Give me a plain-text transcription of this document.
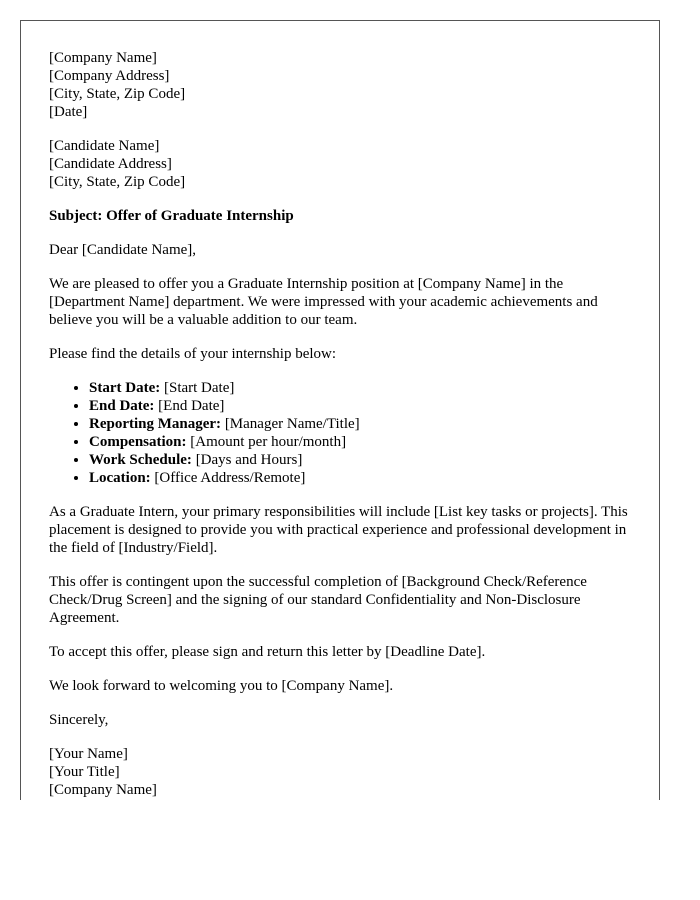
[Company Name]
[Company Address]
[City, State, Zip Code]
[Date]
[Candidate Name]
[Candidate Address]
[City, State, Zip Code]

Subject: Offer of Graduate Internship

Dear [Candidate Name],

We are pleased to offer you a Graduate Internship position at [Company Name] in the [Department Name] department. We were impressed with your academic achievements and believe you will be a valuable addition to our team.

Please find the details of your internship below:

• Start Date: [Start Date]
• End Date: [End Date]
• Reporting Manager: [Manager Name/Title]
• Compensation: [Amount per hour/month]
• Work Schedule: [Days and Hours]
• Location: [Office Address/Remote]

As a Graduate Intern, your primary responsibilities will include [List key tasks or projects]. This placement is designed to provide you with practical experience and professional development in the field of [Industry/Field].

This offer is contingent upon the successful completion of [Background Check/Reference Check/Drug Screen] and the signing of our standard Confidentiality and Non-Disclosure Agreement.

To accept this offer, please sign and return this letter by [Deadline Date].

We look forward to welcoming you to [Company Name].

Sincerely,

[Your Name]
[Your Title]
[Company Name]
